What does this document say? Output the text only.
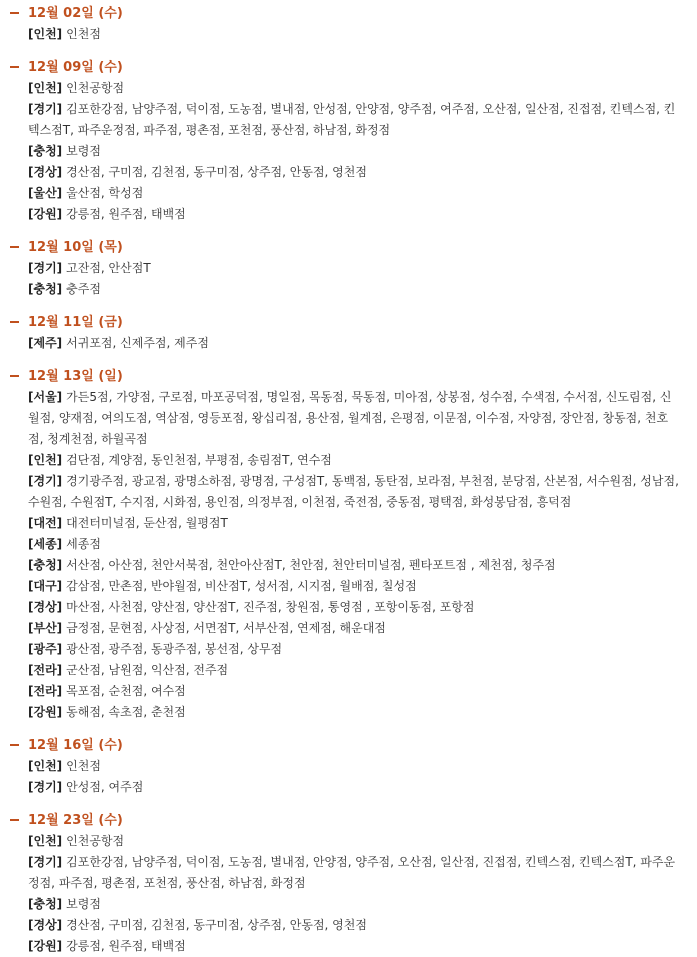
12월 02일 (수)
[인천] 인천점
12월 09일 (수)
[인천] 인천공항점
[경기] 김포한강점, 남양주점, 덕이점, 도농점, 별내점, 안성점, 안양점, 양주점, 여주점, 오산점, 일산점, 진접점, 킨텍스점, 킨텍스점T, 파주운정점, 파주점, 평촌점, 포천점, 풍산점, 하남점, 화정점
[충청] 보령점
[경상] 경산점, 구미점, 김천점, 동구미점, 상주점, 안동점, 영천점
[울산] 울산점, 학성점
[강원] 강릉점, 원주점, 태백점
12월 10일 (목)
[경기] 고잔점, 안산점T
[충청] 충주점
12월 11일 (금)
[제주] 서귀포점, 신제주점, 제주점
12월 13일 (일)
[서울] 가든5점, 가양점, 구로점, 마포공덕점, 명일점, 목동점, 묵동점, 미아점, 상봉점, 성수점, 수색점, 수서점, 신도림점, 신월점, 양재점, 여의도점, 역삼점, 영등포점, 왕십리점, 용산점, 월계점, 은평점, 이문점, 이수점, 자양점, 장안점, 창동점, 천호점, 청계천점, 하월곡점
[인천] 검단점, 계양점, 동인천점, 부평점, 송림점T, 연수점
[경기] 경기광주점, 광교점, 광명소하점, 광명점, 구성점T, 동백점, 동탄점, 보라점, 부천점, 분당점, 산본점, 서수원점, 성남점, 수원점, 수원점T, 수지점, 시화점, 용인점, 의정부점, 이천점, 죽전점, 중동점, 평택점, 화성봉담점, 흥덕점
[대전] 대전터미널점, 둔산점, 월평점T
[세종] 세종점
[충청] 서산점, 아산점, 천안서북점, 천안아산점T, 천안점, 천안터미널점, 펜타포트점 , 제천점, 청주점
[대구] 감삼점, 만촌점, 반야월점, 비산점T, 성서점, 시지점, 월배점, 칠성점
[경상] 마산점, 사천점, 양산점, 양산점T, 진주점, 창원점, 통영점 , 포항이동점, 포항점
[부산] 금정점, 문현점, 사상점, 서면점T, 서부산점, 연제점, 해운대점
[광주] 광산점, 광주점, 동광주점, 봉선점, 상무점
[전라] 군산점, 남원점, 익산점, 전주점
[전라] 목포점, 순천점, 여수점
[강원] 동해점, 속초점, 춘천점
12월 16일 (수)
[인천] 인천점
[경기] 안성점, 여주점
12월 23일 (수)
[인천] 인천공항점
[경기] 김포한강점, 남양주점, 덕이점, 도농점, 별내점, 안양점, 양주점, 오산점, 일산점, 진접점, 킨텍스점, 킨텍스점T, 파주운정점, 파주점, 평촌점, 포천점, 풍산점, 하남점, 화정점
[충청] 보령점
[경상] 경산점, 구미점, 김천점, 동구미점, 상주점, 안동점, 영천점
[강원] 강릉점, 원주점, 태백점
